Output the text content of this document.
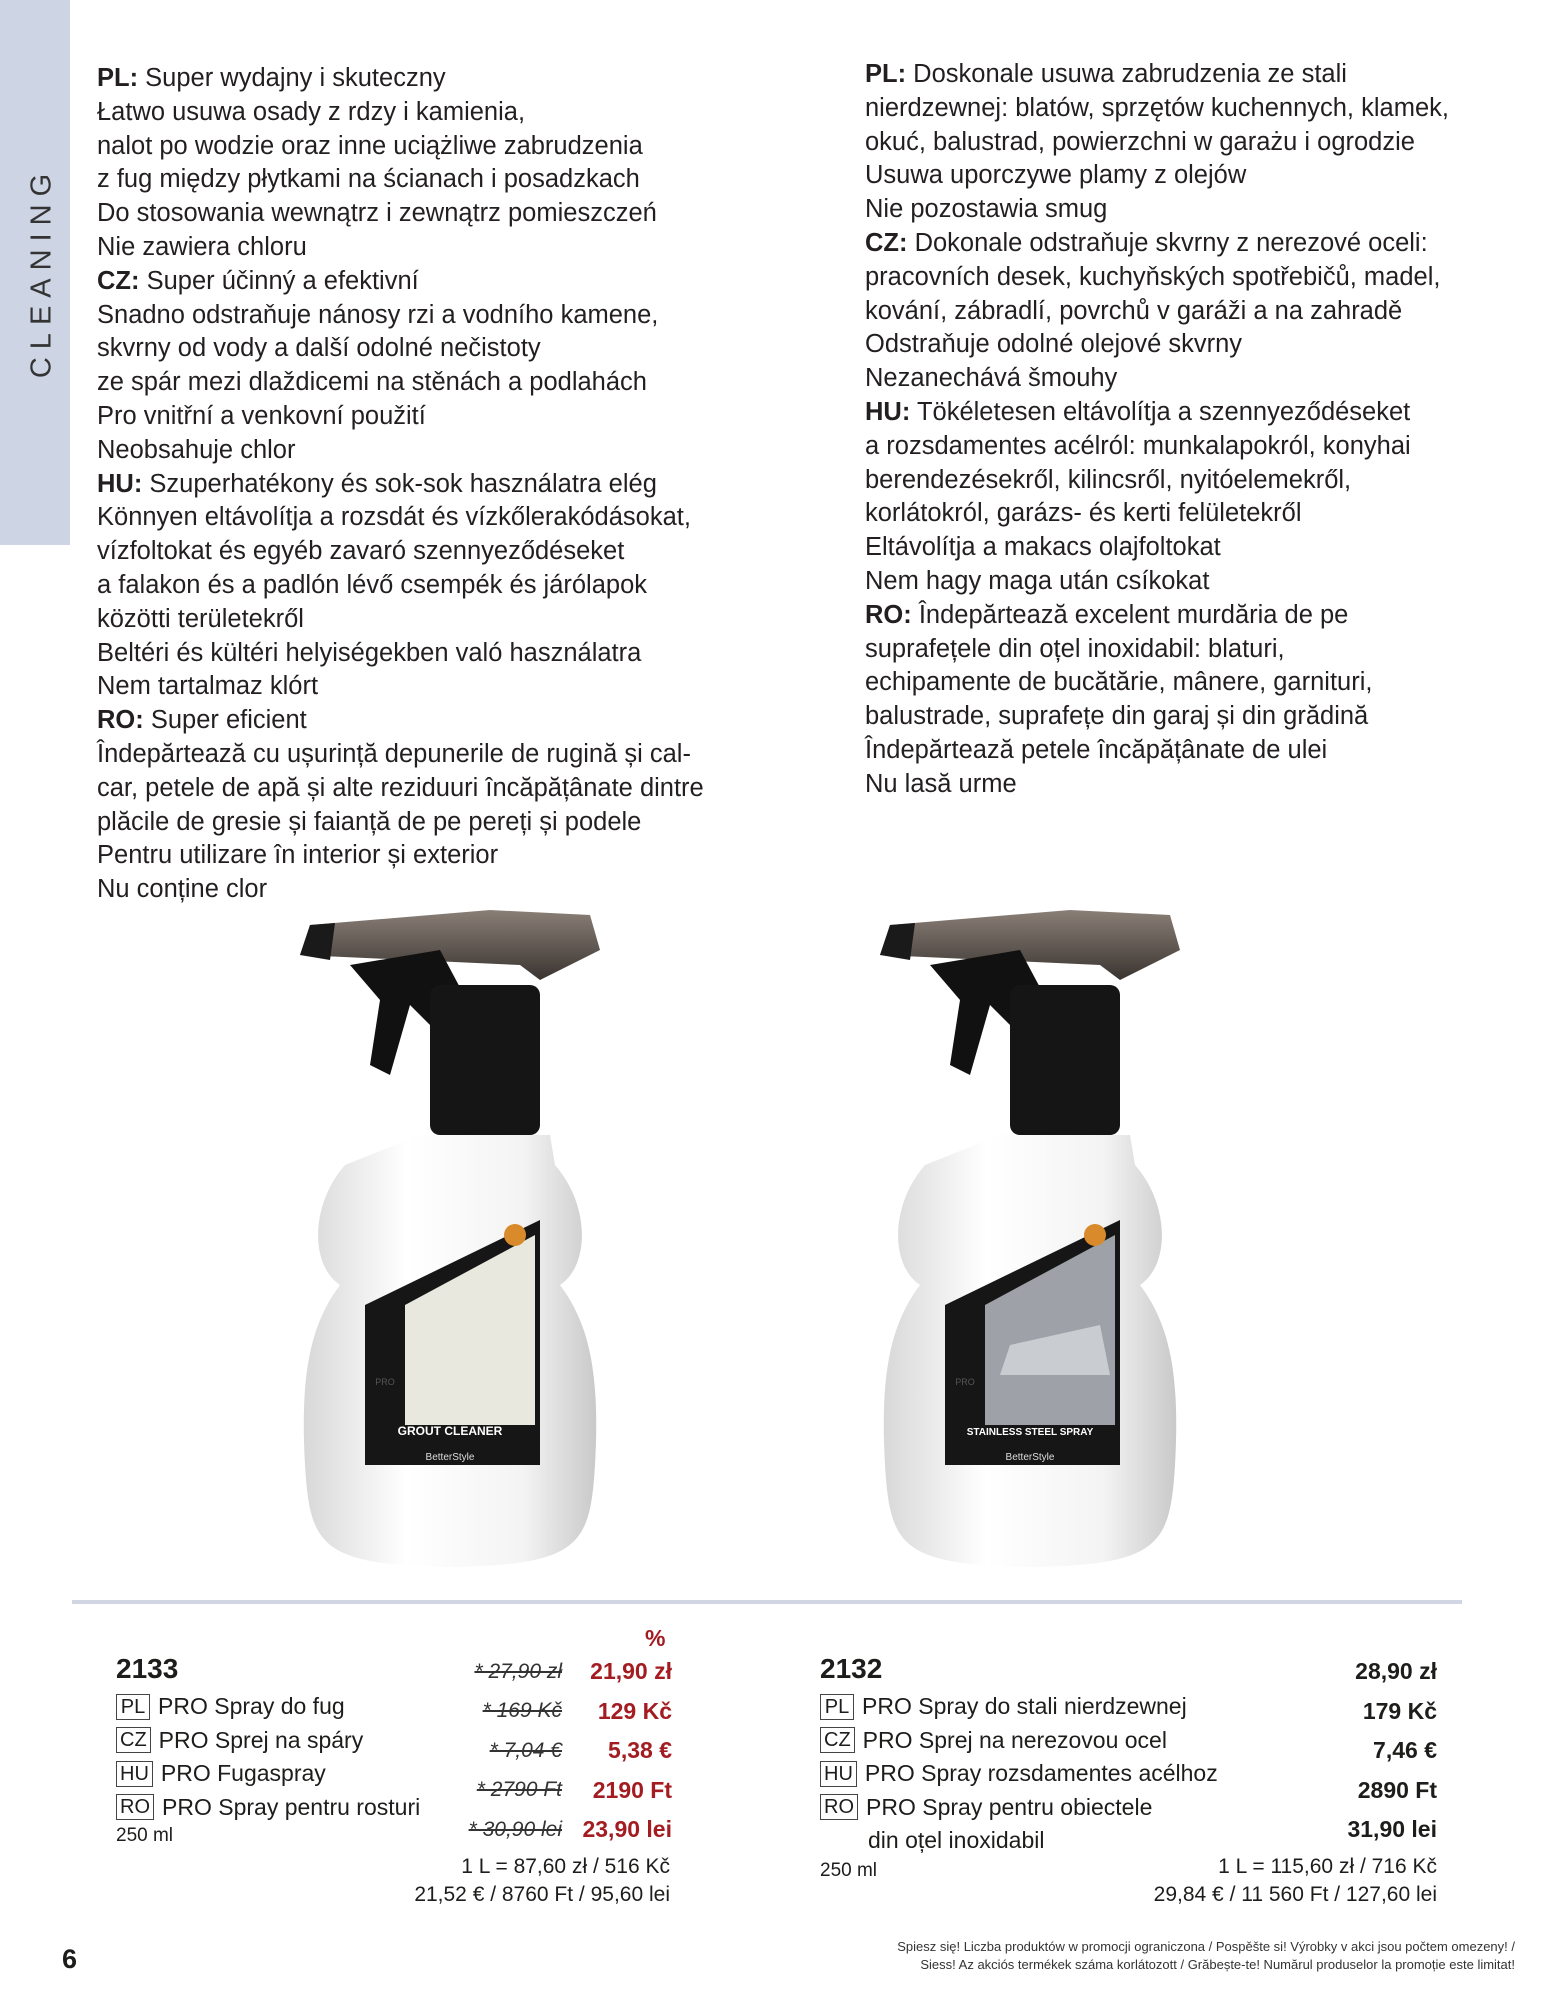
CLEANING
PL: Super wydajny i skuteczny
Łatwo usuwa osady z rdzy i kamienia,
nalot po wodzie oraz inne uciążliwe zabrudzenia
z fug między płytkami na ścianach i posadzkach
Do stosowania wewnątrz i zewnątrz pomieszczeń
Nie zawiera chloru
CZ: Super účinný a efektivní
Snadno odstraňuje nánosy rzi a vodního kamene,
skvrny od vody a další odolné nečistoty
ze spár mezi dlaždicemi na stěnách a podlahách
Pro vnitřní a venkovní použití
Neobsahuje chlor
HU: Szuperhatékony és sok-sok használatra elég
Könnyen eltávolítja a rozsdát és vízkőlerakódásokat,
vízfoltokat és egyéb zavaró szennyeződéseket
a falakon és a padlón lévő csempék és járólapok
közötti területekről
Beltéri és kültéri helyiségekben való használatra
Nem tartalmaz klórt
RO: Super eficient
Îndepărtează cu ușurință depunerile de rugină și cal-
car, petele de apă și alte reziduuri încăpățânate dintre
plăcile de gresie și faianță de pe pereți și podele
Pentru utilizare în interior și exterior
Nu conține clor
PL: Doskonale usuwa zabrudzenia ze stali
nierdzewnej: blatów, sprzętów kuchennych, klamek,
okuć, balustrad, powierzchni w garażu i ogrodzie
Usuwa uporczywe plamy z olejów
Nie pozostawia smug
CZ: Dokonale odstraňuje skvrny z nerezové oceli:
pracovních desek, kuchyňských spotřebičů, madel,
kování, zábradlí, povrchů v garáži a na zahradě
Odstraňuje odolné olejové skvrny
Nezanechává šmouhy
HU: Tökéletesen eltávolítja a szennyeződéseket
a rozsdamentes acélról: munkalapokról, konyhai
berendezésekről, kilincsről, nyitóelemekről,
korlátokról, garázs- és kerti felületekről
Eltávolítja a makacs olajfoltokat
Nem hagy maga után csíkokat
RO: Îndepărtează excelent murdăria de pe
suprafețele din oțel inoxidabil: blaturi,
echipamente de bucătărie, mânere, garnituri,
balustrade, suprafețe din garaj și din grădină
Îndepărtează petele încăpățânate de ulei
Nu lasă urme
GROUT CLEANER
BetterStyle
PRO
STAINLESS STEEL SPRAY
BetterStyle
PRO
2133
PL PRO Spray do fug
CZ PRO Sprej na spáry
HU PRO Fugaspray
RO PRO Spray pentru rosturi
250 ml
%
* 27,90 zł	21,90 zł
* 169 Kč	129 Kč
* 7,04 €	5,38 €
* 2790 Ft	2190 Ft
* 30,90 lei 23,90 lei
1 L = 87,60 zł / 516 Kč
21,52 € / 8760 Ft / 95,60 lei
2132
PL PRO Spray do stali nierdzewnej
CZ PRO Sprej na nerezovou ocel
HU PRO Spray rozsdamentes acélhoz
RO PRO Spray pentru obiectele
din oțel inoxidabil
250 ml
28,90 zł
179 Kč
7,46 €
2890 Ft
31,90 lei
1 L = 115,60 zł / 716 Kč
29,84 € / 11 560 Ft / 127,60 lei
6	Spiesz się! Liczba produktów w promocji ograniczona / Pospěšte si! Výrobky v akci jsou počtem omezeny! /
Siess! Az akciós termékek száma korlátozott / Grăbește-te! Numărul produselor la promoție este limitat!
